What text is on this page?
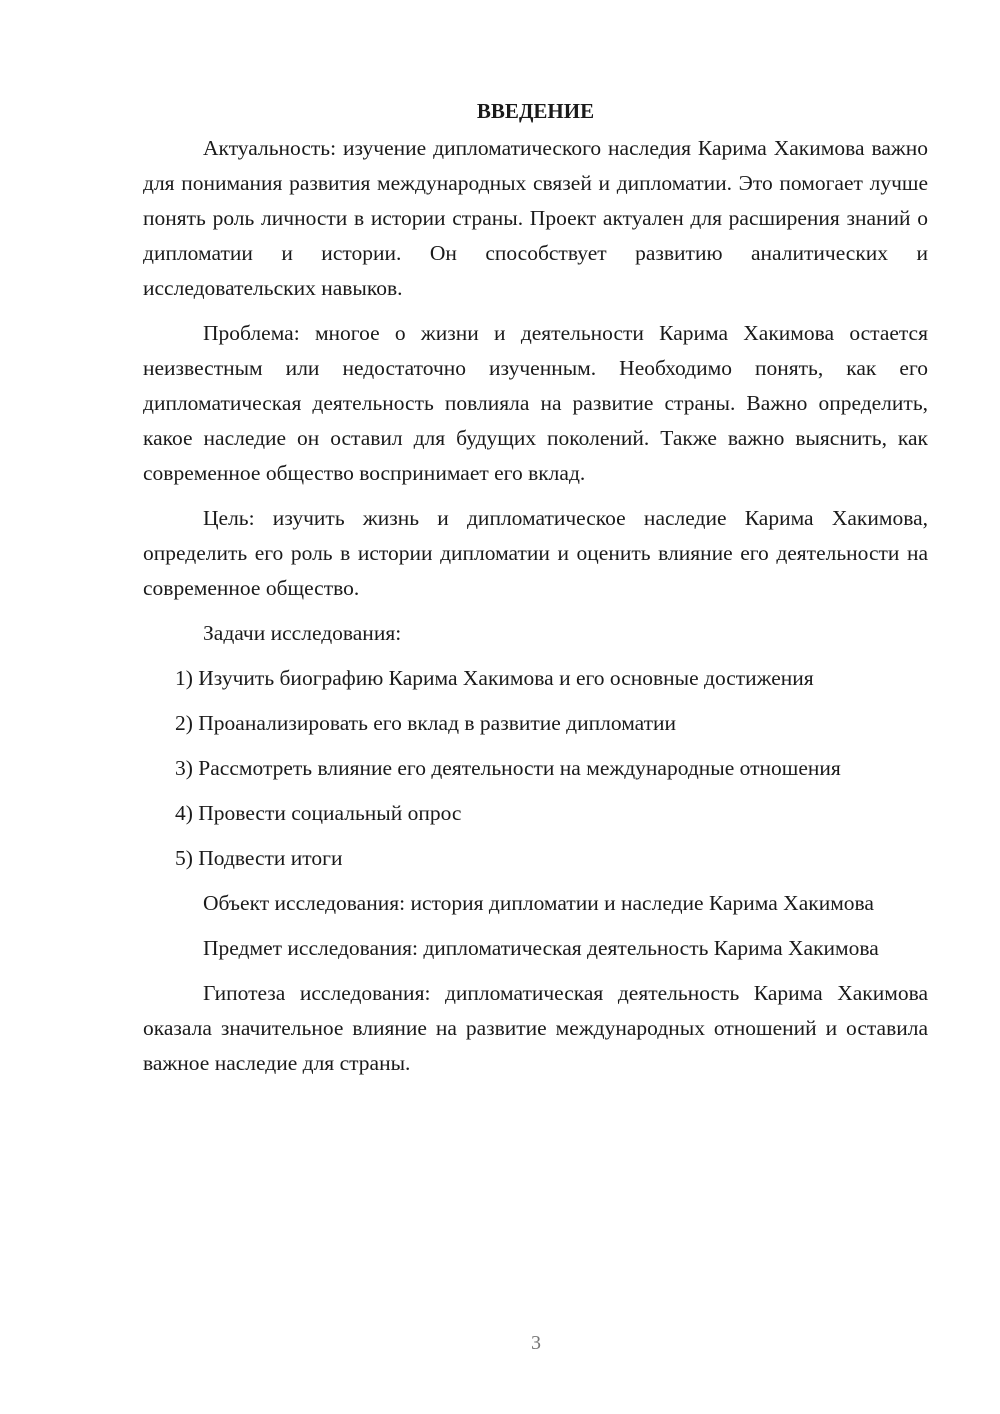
ВВЕДЕНИЕ

Актуальность: изучение дипломатического наследия Карима Хакимова важно для понимания развития международных связей и дипломатии. Это помогает лучше понять роль личности в истории страны. Проект актуален для расширения знаний о дипломатии и истории. Он способствует развитию аналитических и исследовательских навыков.

Проблема: многое о жизни и деятельности Карима Хакимова остается неизвестным или недостаточно изученным. Необходимо понять, как его дипломатическая деятельность повлияла на развитие страны. Важно определить, какое наследие он оставил для будущих поколений. Также важно выяснить, как современное общество воспринимает его вклад.

Цель: изучить жизнь и дипломатическое наследие Карима Хакимова, определить его роль в истории дипломатии и оценить влияние его деятельности на современное общество.

Задачи исследования:

1) Изучить биографию Карима Хакимова и его основные достижения

2) Проанализировать его вклад в развитие дипломатии

3) Рассмотреть влияние его деятельности на международные отношения

4) Провести социальный опрос

5) Подвести итоги

Объект исследования: история дипломатии и наследие Карима Хакимова

Предмет исследования: дипломатическая деятельность Карима Хакимова

Гипотеза исследования: дипломатическая деятельность Карима Хакимова оказала значительное влияние на развитие международных отношений и оставила важное наследие для страны.

3
